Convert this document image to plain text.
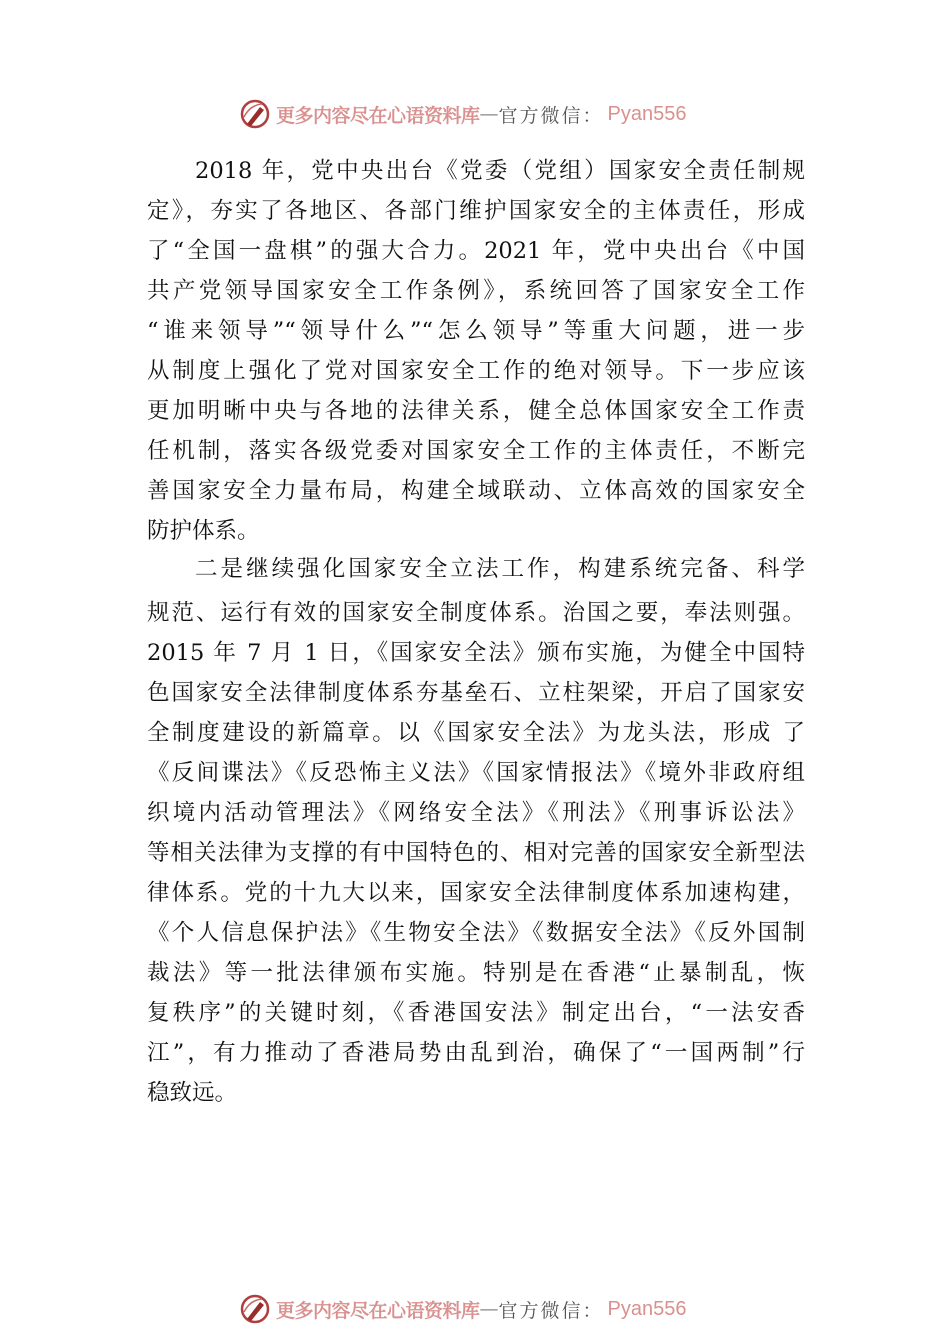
更多内容尽在心语资料库 — 官方微信： Pyan556
2018 年，党中央出台《党委（党组）国家安全责任制规
定》，夯实了各地区、各部门维护国家安全的主体责任，形成
了“全国一盘棋”的强大合力。2021 年，党中央出台《中国
共产党领导国家安全工作条例》，系统回答了国家安全工作
“谁来领导”“领导什么”“怎么领导”等重大问题，进一步
从制度上强化了党对国家安全工作的绝对领导。下一步应该
更加明晰中央与各地的法律关系，健全总体国家安全工作责
任机制，落实各级党委对国家安全工作的主体责任，不断完
善国家安全力量布局，构建全域联动、立体高效的国家安全
防护体系。
二是继续强化国家安全立法工作，构建系统完备、科学
规范、运行有效的国家安全制度体系。治国之要，奉法则强。
2015 年 7 月 1 日，《国家安全法》颁布实施，为健全中国特
色国家安全法律制度体系夯基垒石、立柱架梁，开启了国家安
全制度建设的新篇章。以《国家安全法》为龙头法，形成 了
《反间谍法》《反恐怖主义法》《国家情报法》《境外非政府组
织境内活动管理法》《网络安全法》《刑法》《刑事诉讼法》
等相关法律为支撑的有中国特色的、相对完善的国家安全新型法
律体系。党的十九大以来，国家安全法律制度体系加速构建，
《个人信息保护法》《生物安全法》《数据安全法》《反外国制
裁法》等一批法律颁布实施。特别是在香港“止暴制乱，恢
复秩序”的关键时刻，《香港国安法》制定出台，“一法安香
江”，有力推动了香港局势由乱到治，确保了“一国两制”行
稳致远。
更多内容尽在心语资料库 — 官方微信： Pyan556
